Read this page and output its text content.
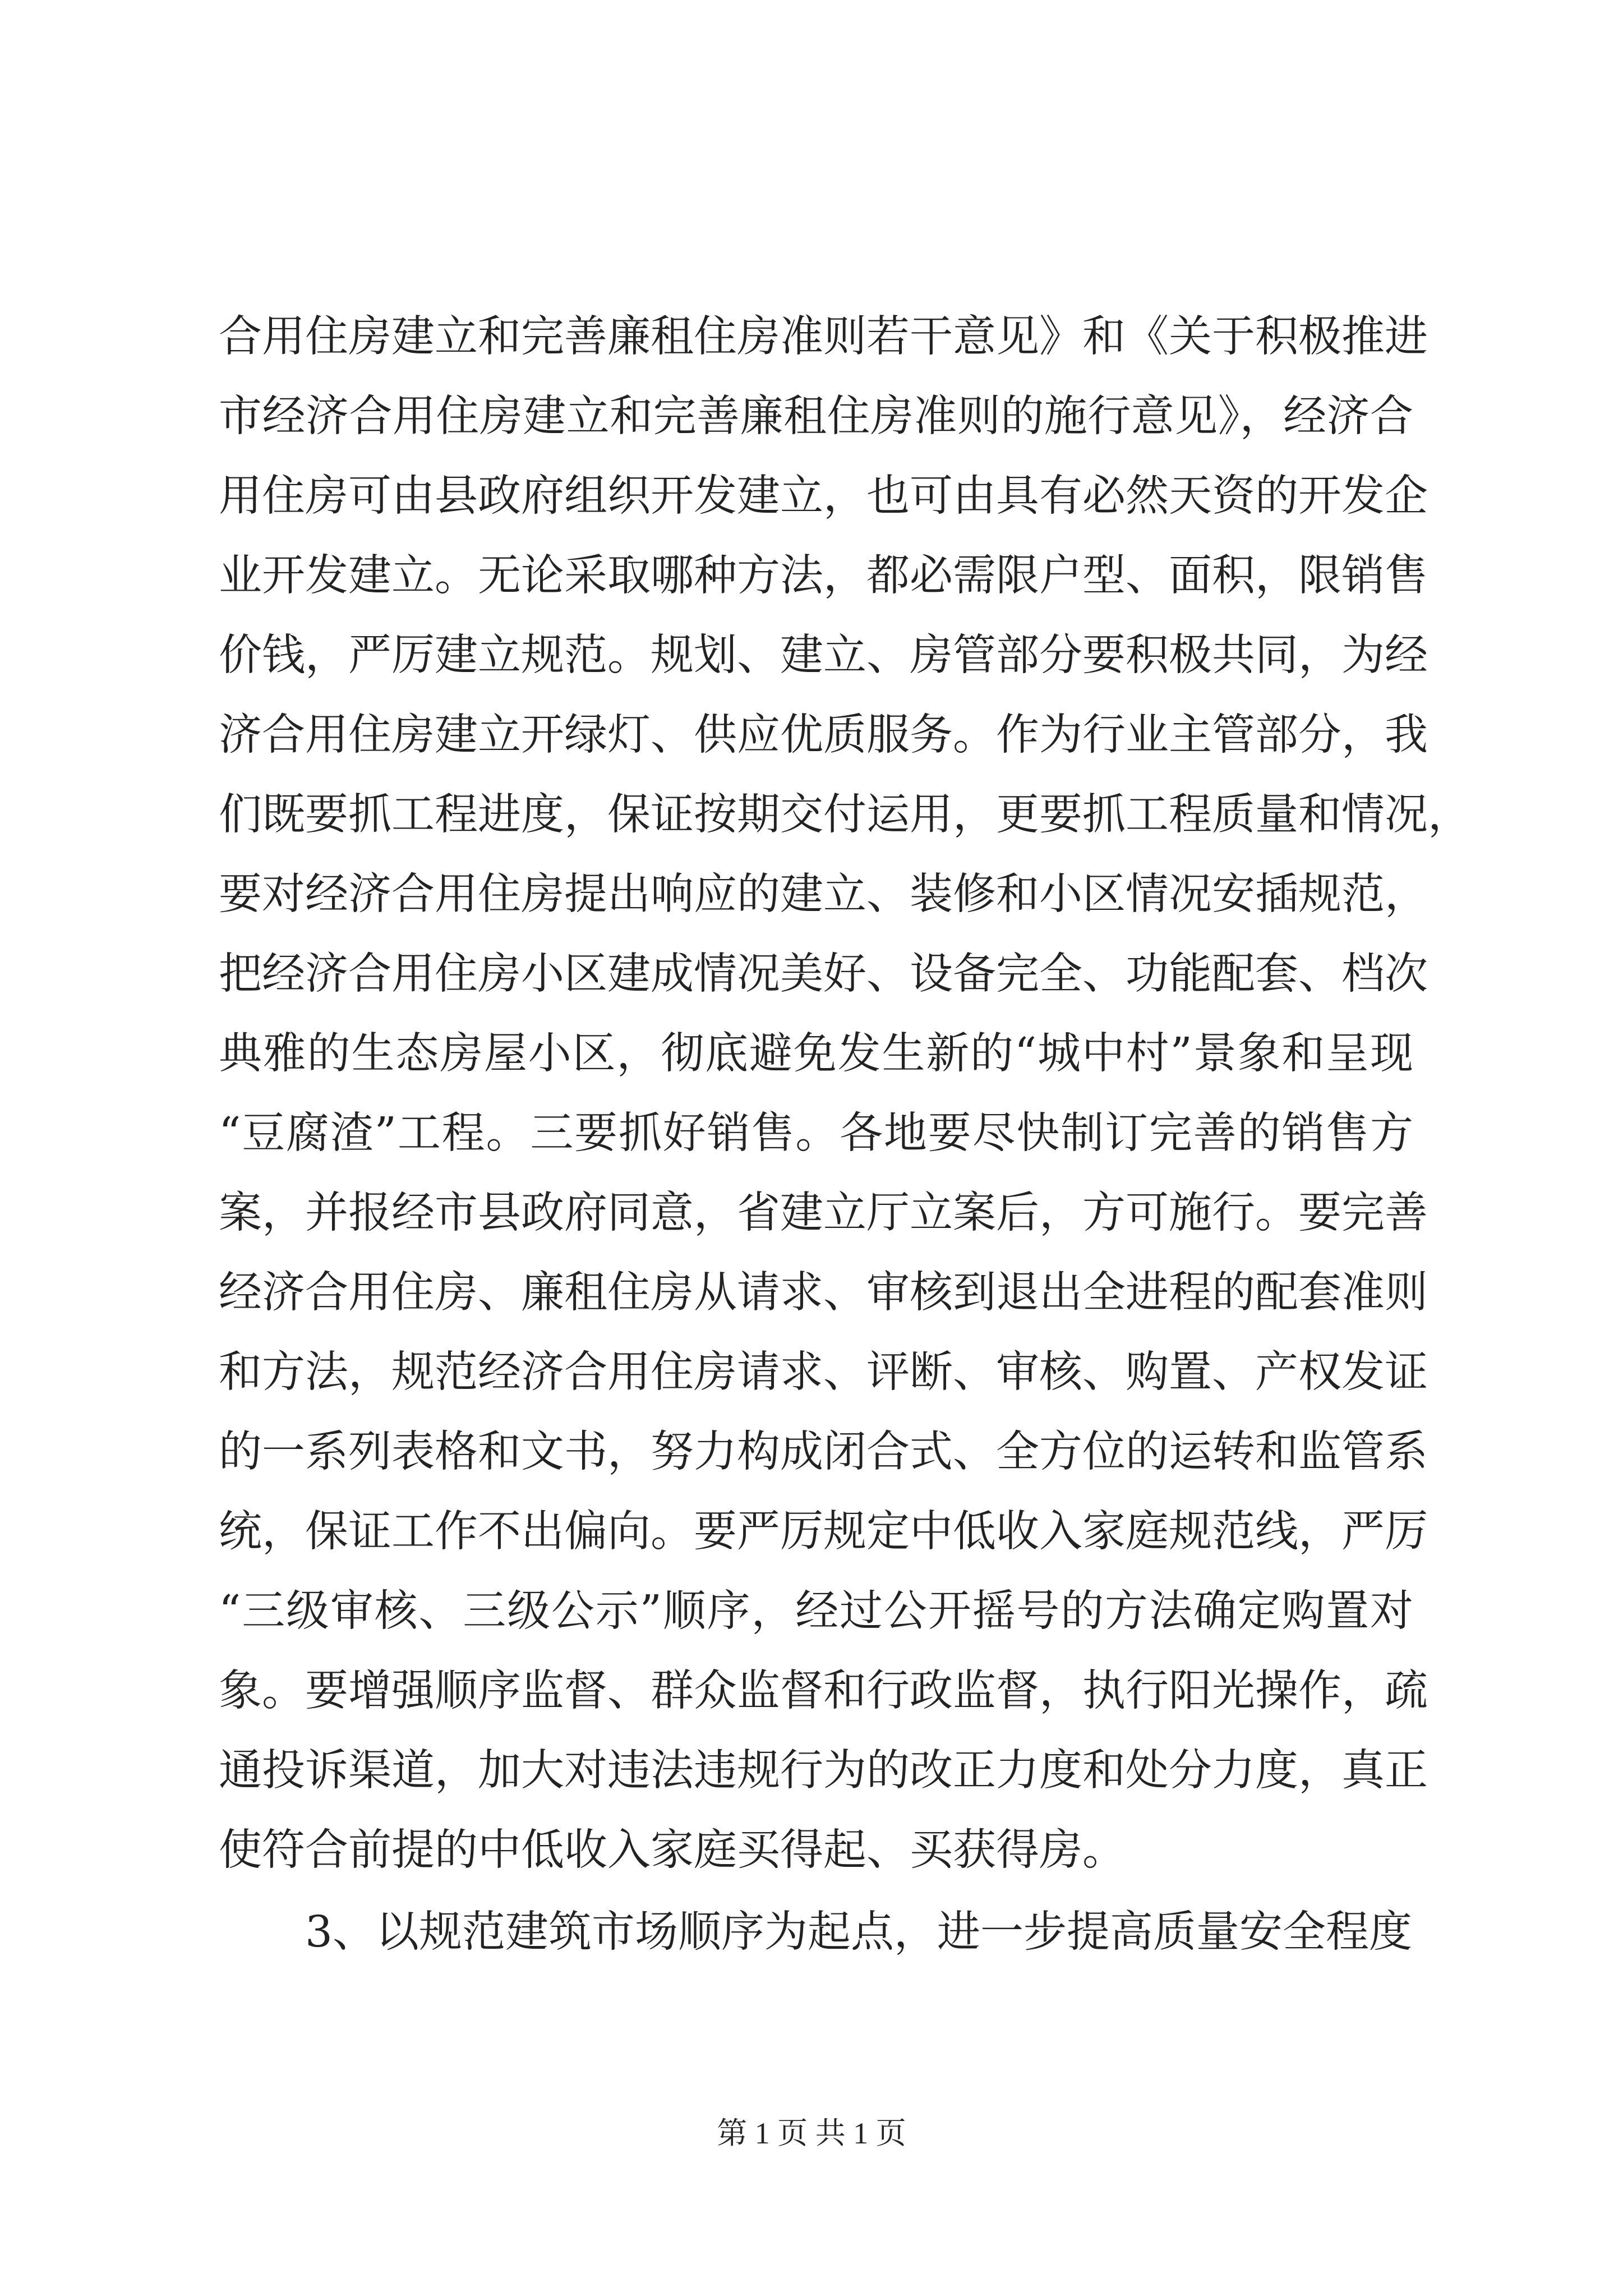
合用住房建立和完善廉租住房准则若干意见》和《关于积极推进
市经济合用住房建立和完善廉租住房准则的施行意见》，经济合
用住房可由县政府组织开发建立，也可由具有必然天资的开发企
业开发建立。无论采取哪种方法，都必需限户型、面积，限销售
价钱，严厉建立规范。规划、建立、房管部分要积极共同，为经
济合用住房建立开绿灯、供应优质服务。作为行业主管部分，我
们既要抓工程进度，保证按期交付运用，更要抓工程质量和情况，
要对经济合用住房提出响应的建立、装修和小区情况安插规范，
把经济合用住房小区建成情况美好、设备完全、功能配套、档次
典雅的生态房屋小区，彻底避免发生新的“城中村”景象和呈现
“豆腐渣”工程。三要抓好销售。各地要尽快制订完善的销售方
案，并报经市县政府同意，省建立厅立案后，方可施行。要完善
经济合用住房、廉租住房从请求、审核到退出全进程的配套准则
和方法，规范经济合用住房请求、评断、审核、购置、产权发证
的一系列表格和文书，努力构成闭合式、全方位的运转和监管系
统，保证工作不出偏向。要严厉规定中低收入家庭规范线，严厉
“三级审核、三级公示”顺序，经过公开摇号的方法确定购置对
象。要增强顺序监督、群众监督和行政监督，执行阳光操作，疏
通投诉渠道，加大对违法违规行为的改正力度和处分力度，真正
使符合前提的中低收入家庭买得起、买获得房。
3、以规范建筑市场顺序为起点，进一步提高质量安全程度
第 1 页 共 1 页
